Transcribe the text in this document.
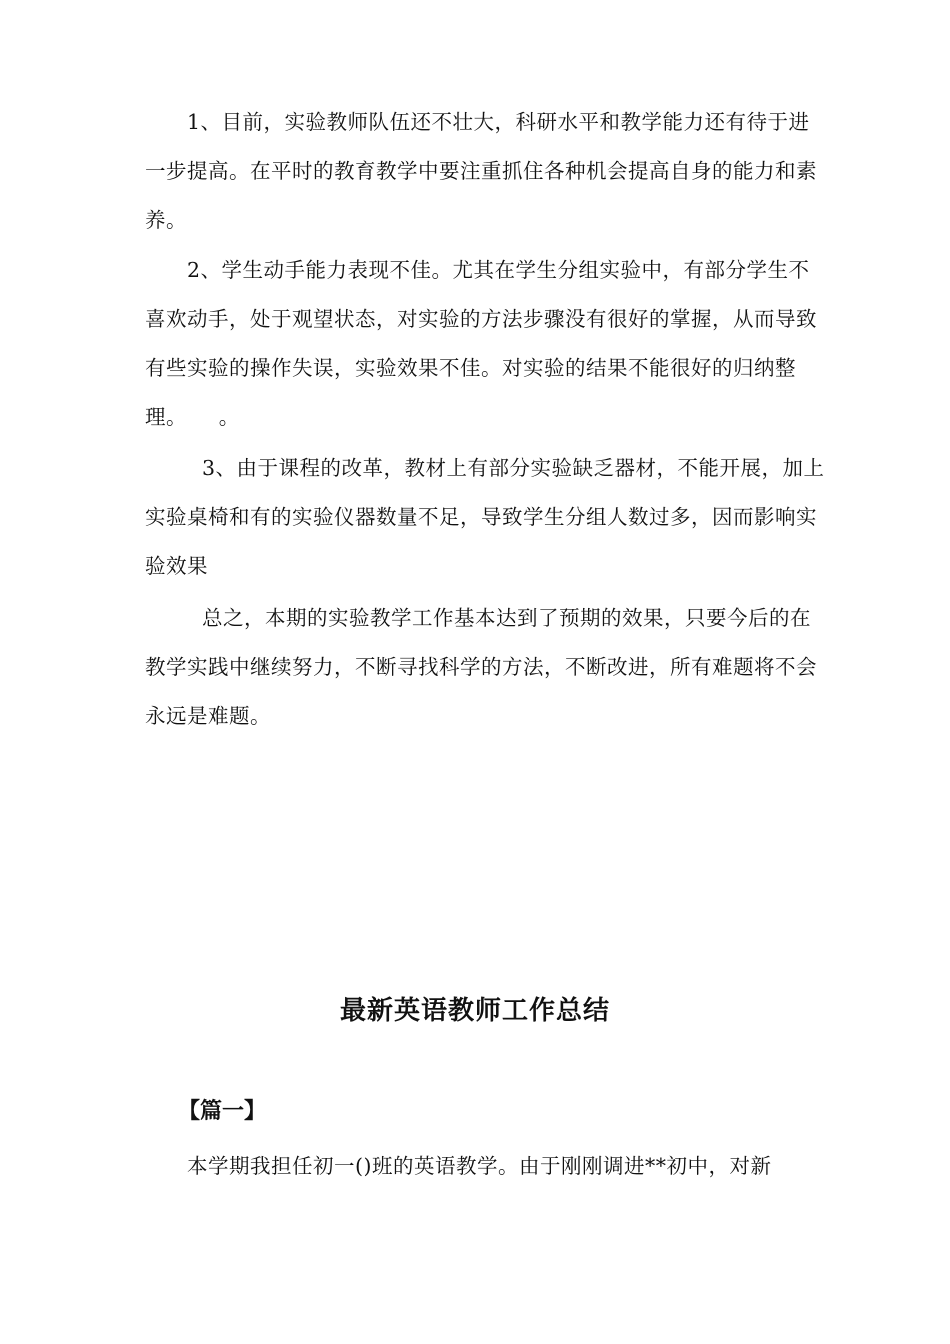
1、目前，实验教师队伍还不壮大，科研水平和教学能力还有待于进一步提高。在平时的教育教学中要注重抓住各种机会提高自身的能力和素养。

2、学生动手能力表现不佳。尤其在学生分组实验中，有部分学生不喜欢动手，处于观望状态，对实验的方法步骤没有很好的掌握，从而导致有些实验的操作失误，实验效果不佳。对实验的结果不能很好的归纳整理。　　。

3、由于课程的改革，教材上有部分实验缺乏器材，不能开展，加上实验桌椅和有的实验仪器数量不足，导致学生分组人数过多，因而影响实验效果

总之，本期的实验教学工作基本达到了预期的效果，只要今后的在教学实践中继续努力，不断寻找科学的方法，不断改进，所有难题将不会永远是难题。

最新英语教师工作总结
【篇一】

本学期我担任初一()班的英语教学。由于刚刚调进**初中，对新
